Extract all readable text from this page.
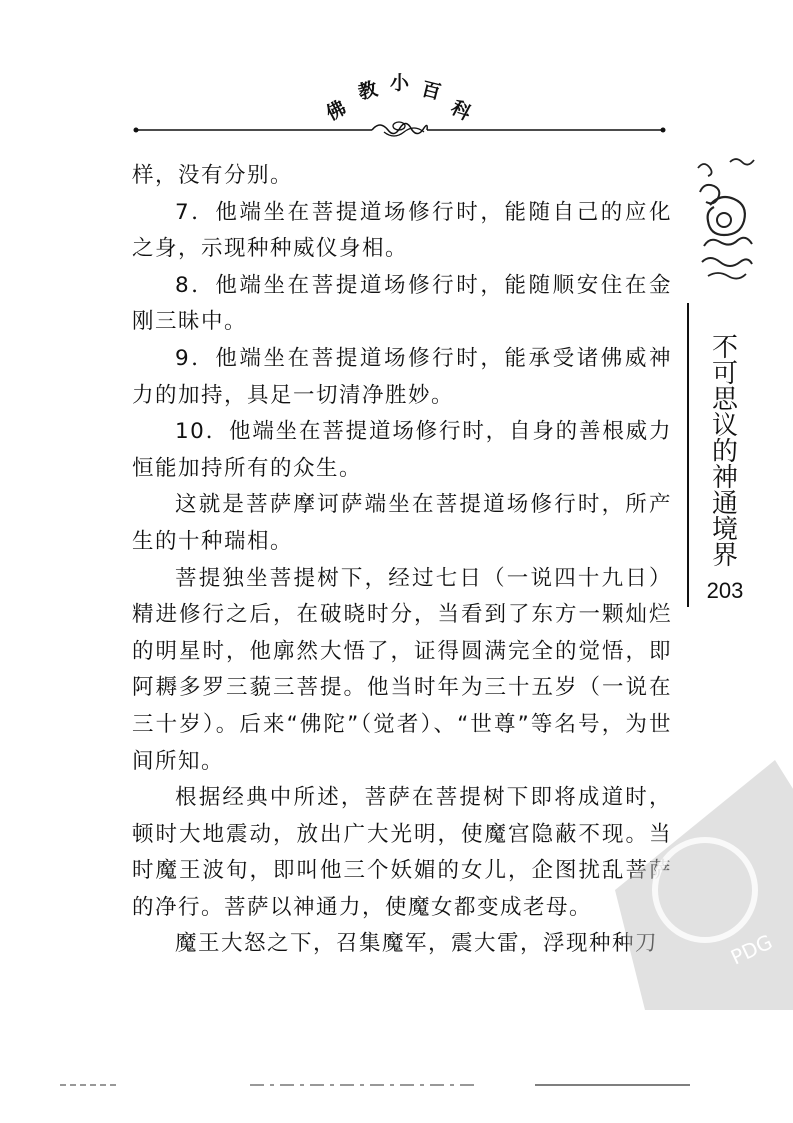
佛
教 小 百
科
不
可
思
议
的
神
通
境
界
203

样，没有分别。

7．他端坐在菩提道场修行时，能随自己的应化之身，示现种种威仪身相。

8．他端坐在菩提道场修行时，能随顺安住在金刚三昧中。

9．他端坐在菩提道场修行时，能承受诸佛威神力的加持，具足一切清净胜妙。

10．他端坐在菩提道场修行时，自身的善根威力恒能加持所有的众生。

这就是菩萨摩诃萨端坐在菩提道场修行时，所产生的十种瑞相。

菩提独坐菩提树下，经过七日（一说四十九日）精进修行之后，在破晓时分，当看到了东方一颗灿烂的明星时，他廓然大悟了，证得圆满完全的觉悟，即阿耨多罗三藐三菩提。他当时年为三十五岁（一说在三十岁）。后来“佛陀”（觉者）、“世尊”等名号，为世间所知。

根据经典中所述，菩萨在菩提树下即将成道时，顿时大地震动，放出广大光明，使魔宫隐蔽不现。当时魔王波旬，即叫他三个妖媚的女儿，企图扰乱菩萨的净行。菩萨以神通力，使魔女都变成老母。

魔王大怒之下，召集魔军，震大雷，浮现种种刀	PDG
